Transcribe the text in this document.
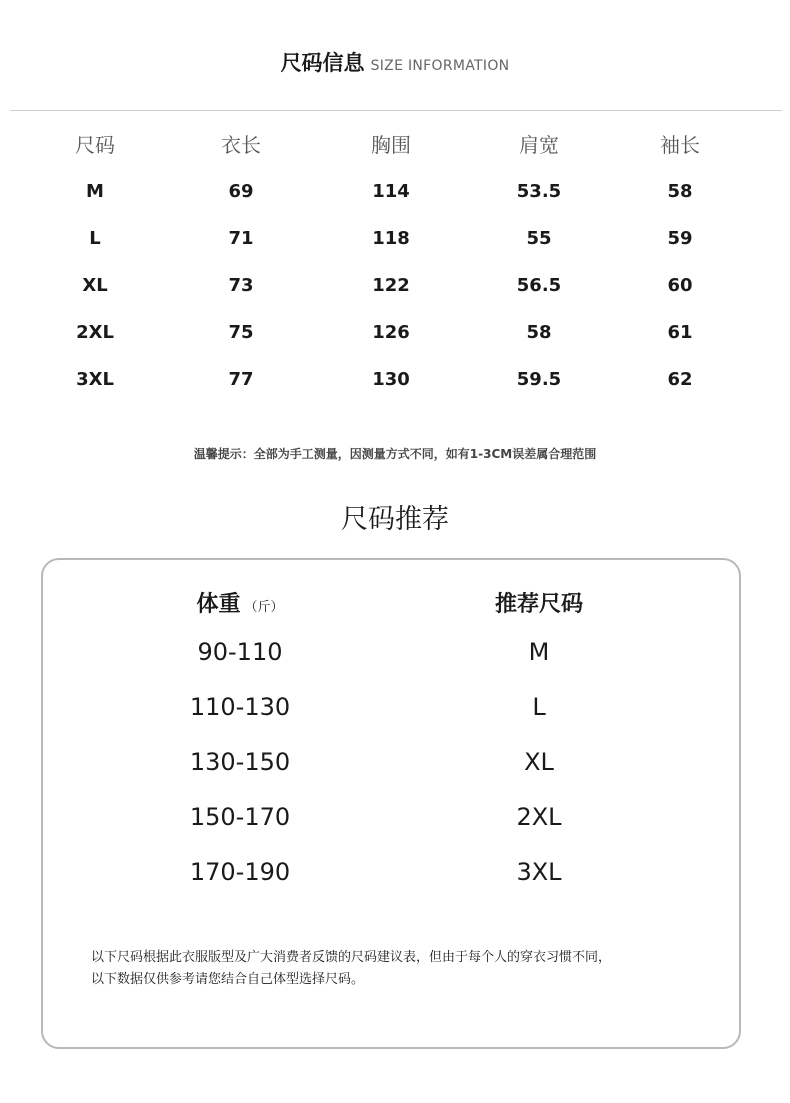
尺码信息 SIZE INFORMATION
尺码	衣长	胸围	肩宽	袖长
M	69	114	53.5	58
L	71	118	55	59
XL	73	122	56.5	60
2XL	75	126	58	61
3XL	77	130	59.5	62
温馨提示：全部为手工测量，因测量方式不同，如有1-3CM误差属合理范围
尺码推荐
体重 （斤）	推荐尺码
90-110	M
110-130	L
130-150	XL
150-170	2XL
170-190	3XL
以下尺码根据此衣服版型及广大消费者反馈的尺码建议表，但由于每个人的穿衣习惯不同，
以下数据仅供参考请您结合自己体型选择尺码。
